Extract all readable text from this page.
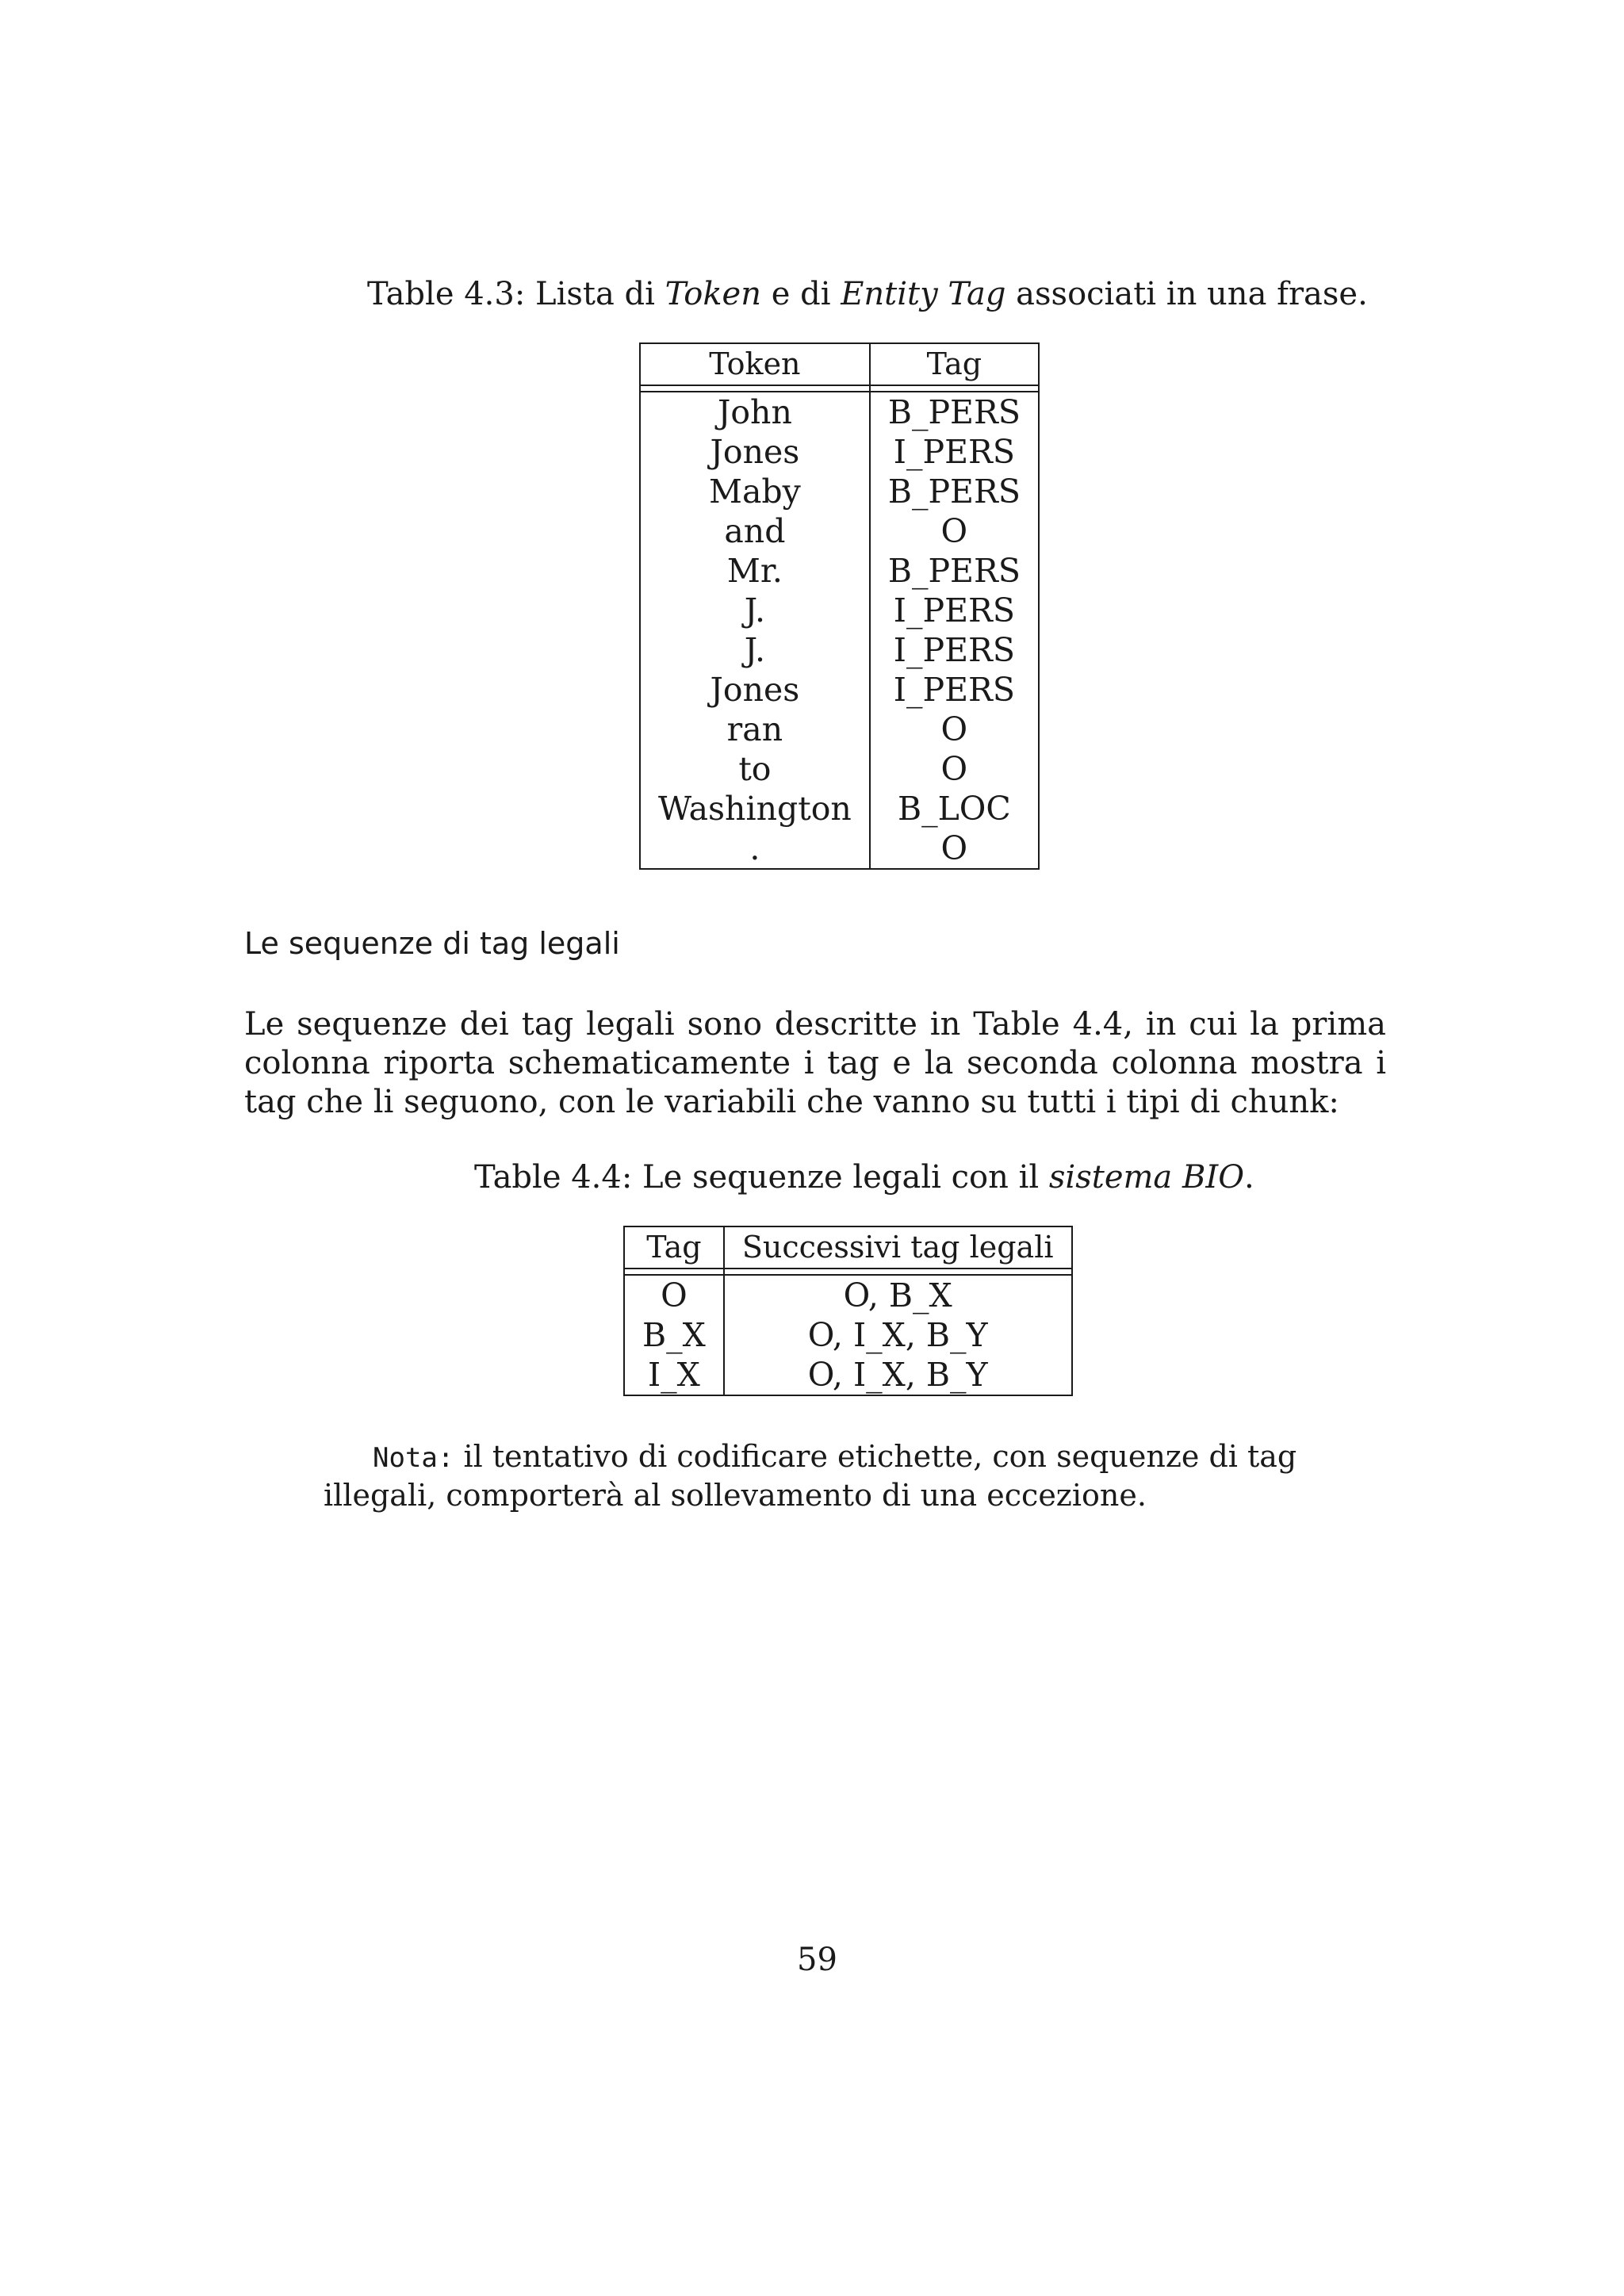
Table 4.3: Lista di Token e di Entity Tag associati in una frase.
Token	Tag

John	B_PERS
Jones	I_PERS
Maby	B_PERS
and	O
Mr.	B_PERS
J.	I_PERS
J.	I_PERS
Jones	I_PERS
ran	O
to	O
Washington	B_LOC
.	O
Le sequenze di tag legali
Le sequenze dei tag legali sono descritte in Table 4.4, in cui la prima colonna riporta schematicamente i tag e la seconda colonna mostra i tag che li seguono, con le variabili che vanno su tutti i tipi di chunk:
Table 4.4: Le sequenze legali con il sistema BIO.
Tag	Successivi tag legali

O	O, B_X
B_X	O, I_X, B_Y
I_X	O, I_X, B_Y
Nota: il tentativo di codificare etichette, con sequenze di tag illegali, comporterà al sollevamento di una eccezione.
59
